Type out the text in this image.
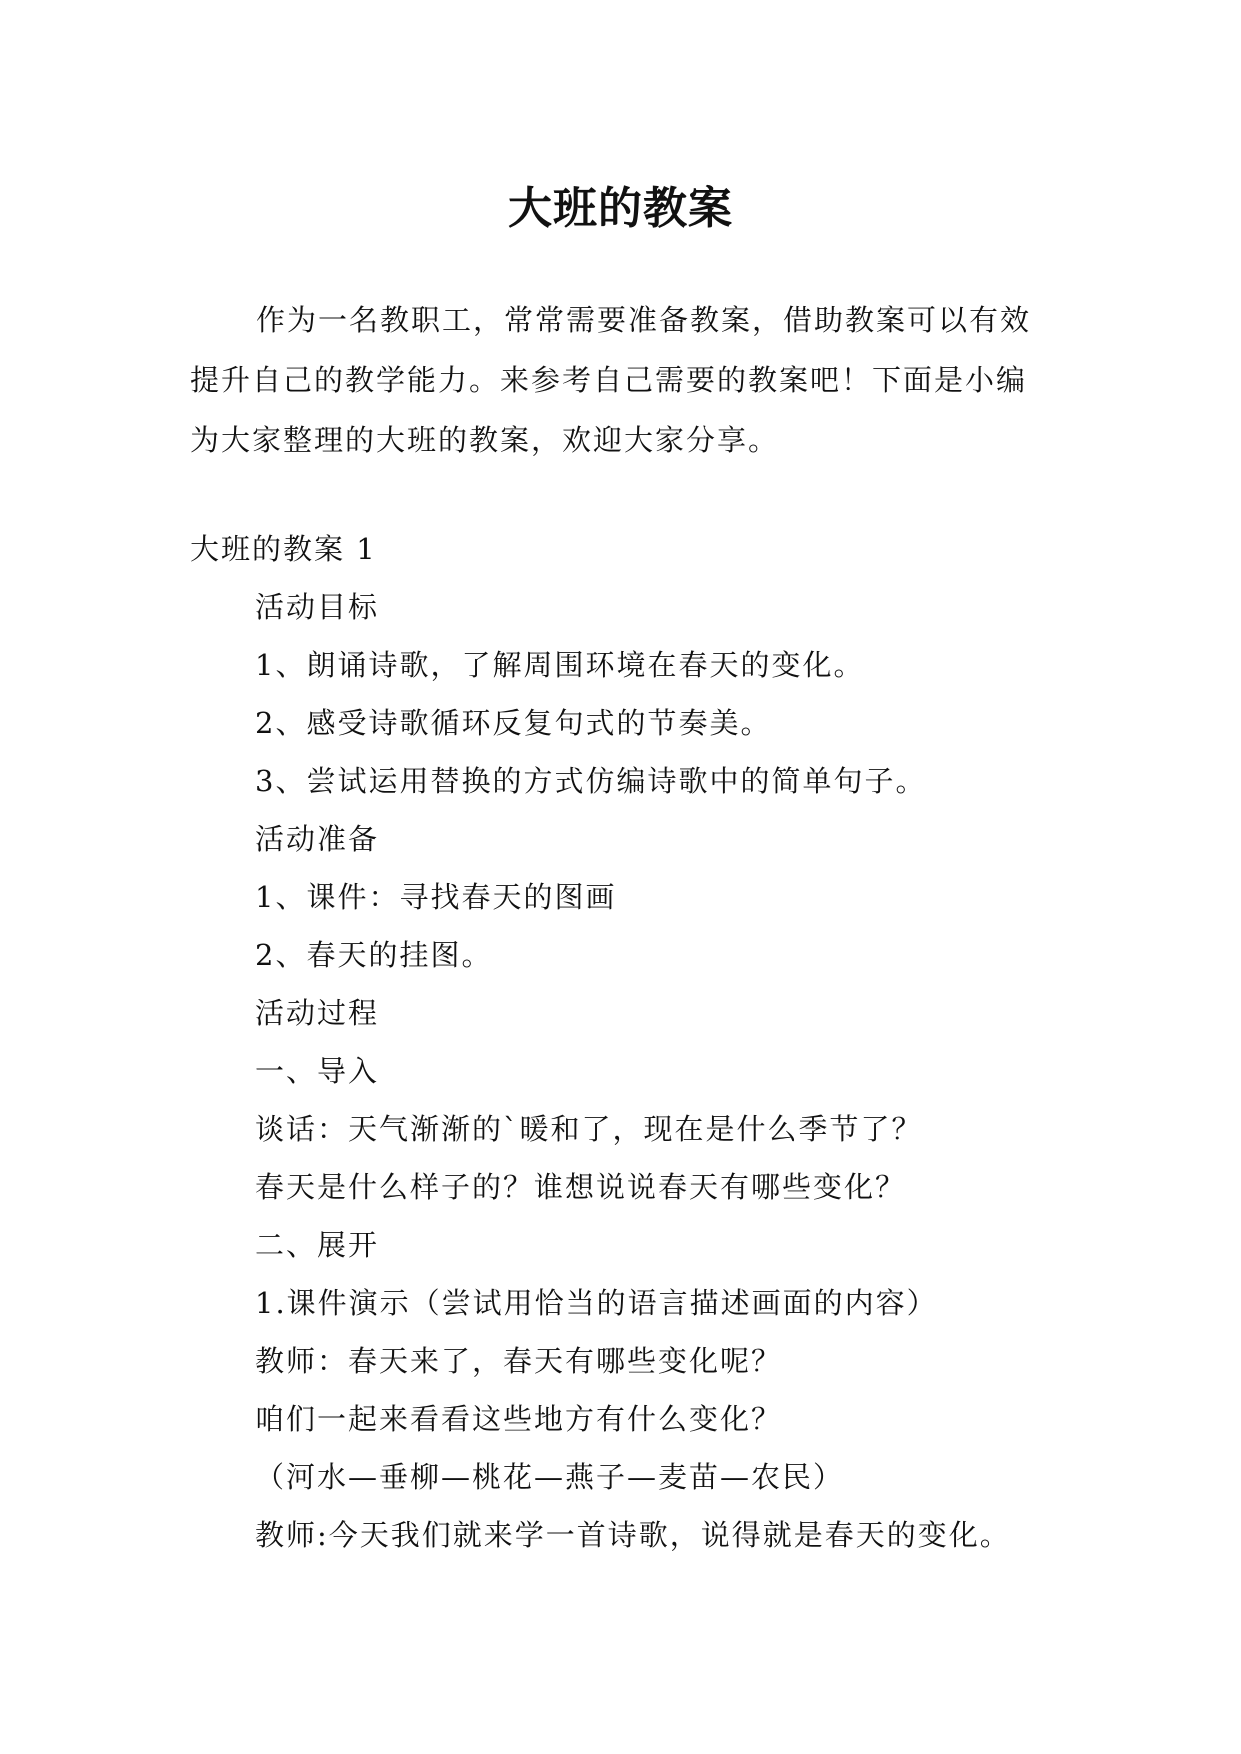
大班的教案

作为一名教职工，常常需要准备教案，借助教案可以有效提升自己的教学能力。来参考自己需要的教案吧！下面是小编为大家整理的大班的教案，欢迎大家分享。

大班的教案 1

活动目标
1、朗诵诗歌，了解周围环境在春天的变化。
2、感受诗歌循环反复句式的节奏美。
3、尝试运用替换的方式仿编诗歌中的简单句子。
活动准备
1、课件：寻找春天的图画
2、春天的挂图。
活动过程
一、导入
谈话：天气渐渐的`暖和了，现在是什么季节了？
春天是什么样子的？谁想说说春天有哪些变化？
二、展开
1.课件演示（尝试用恰当的语言描述画面的内容）
教师：春天来了，春天有哪些变化呢？
咱们一起来看看这些地方有什么变化？
（河水—垂柳—桃花—燕子—麦苗—农民）
教师:今天我们就来学一首诗歌，说得就是春天的变化。
